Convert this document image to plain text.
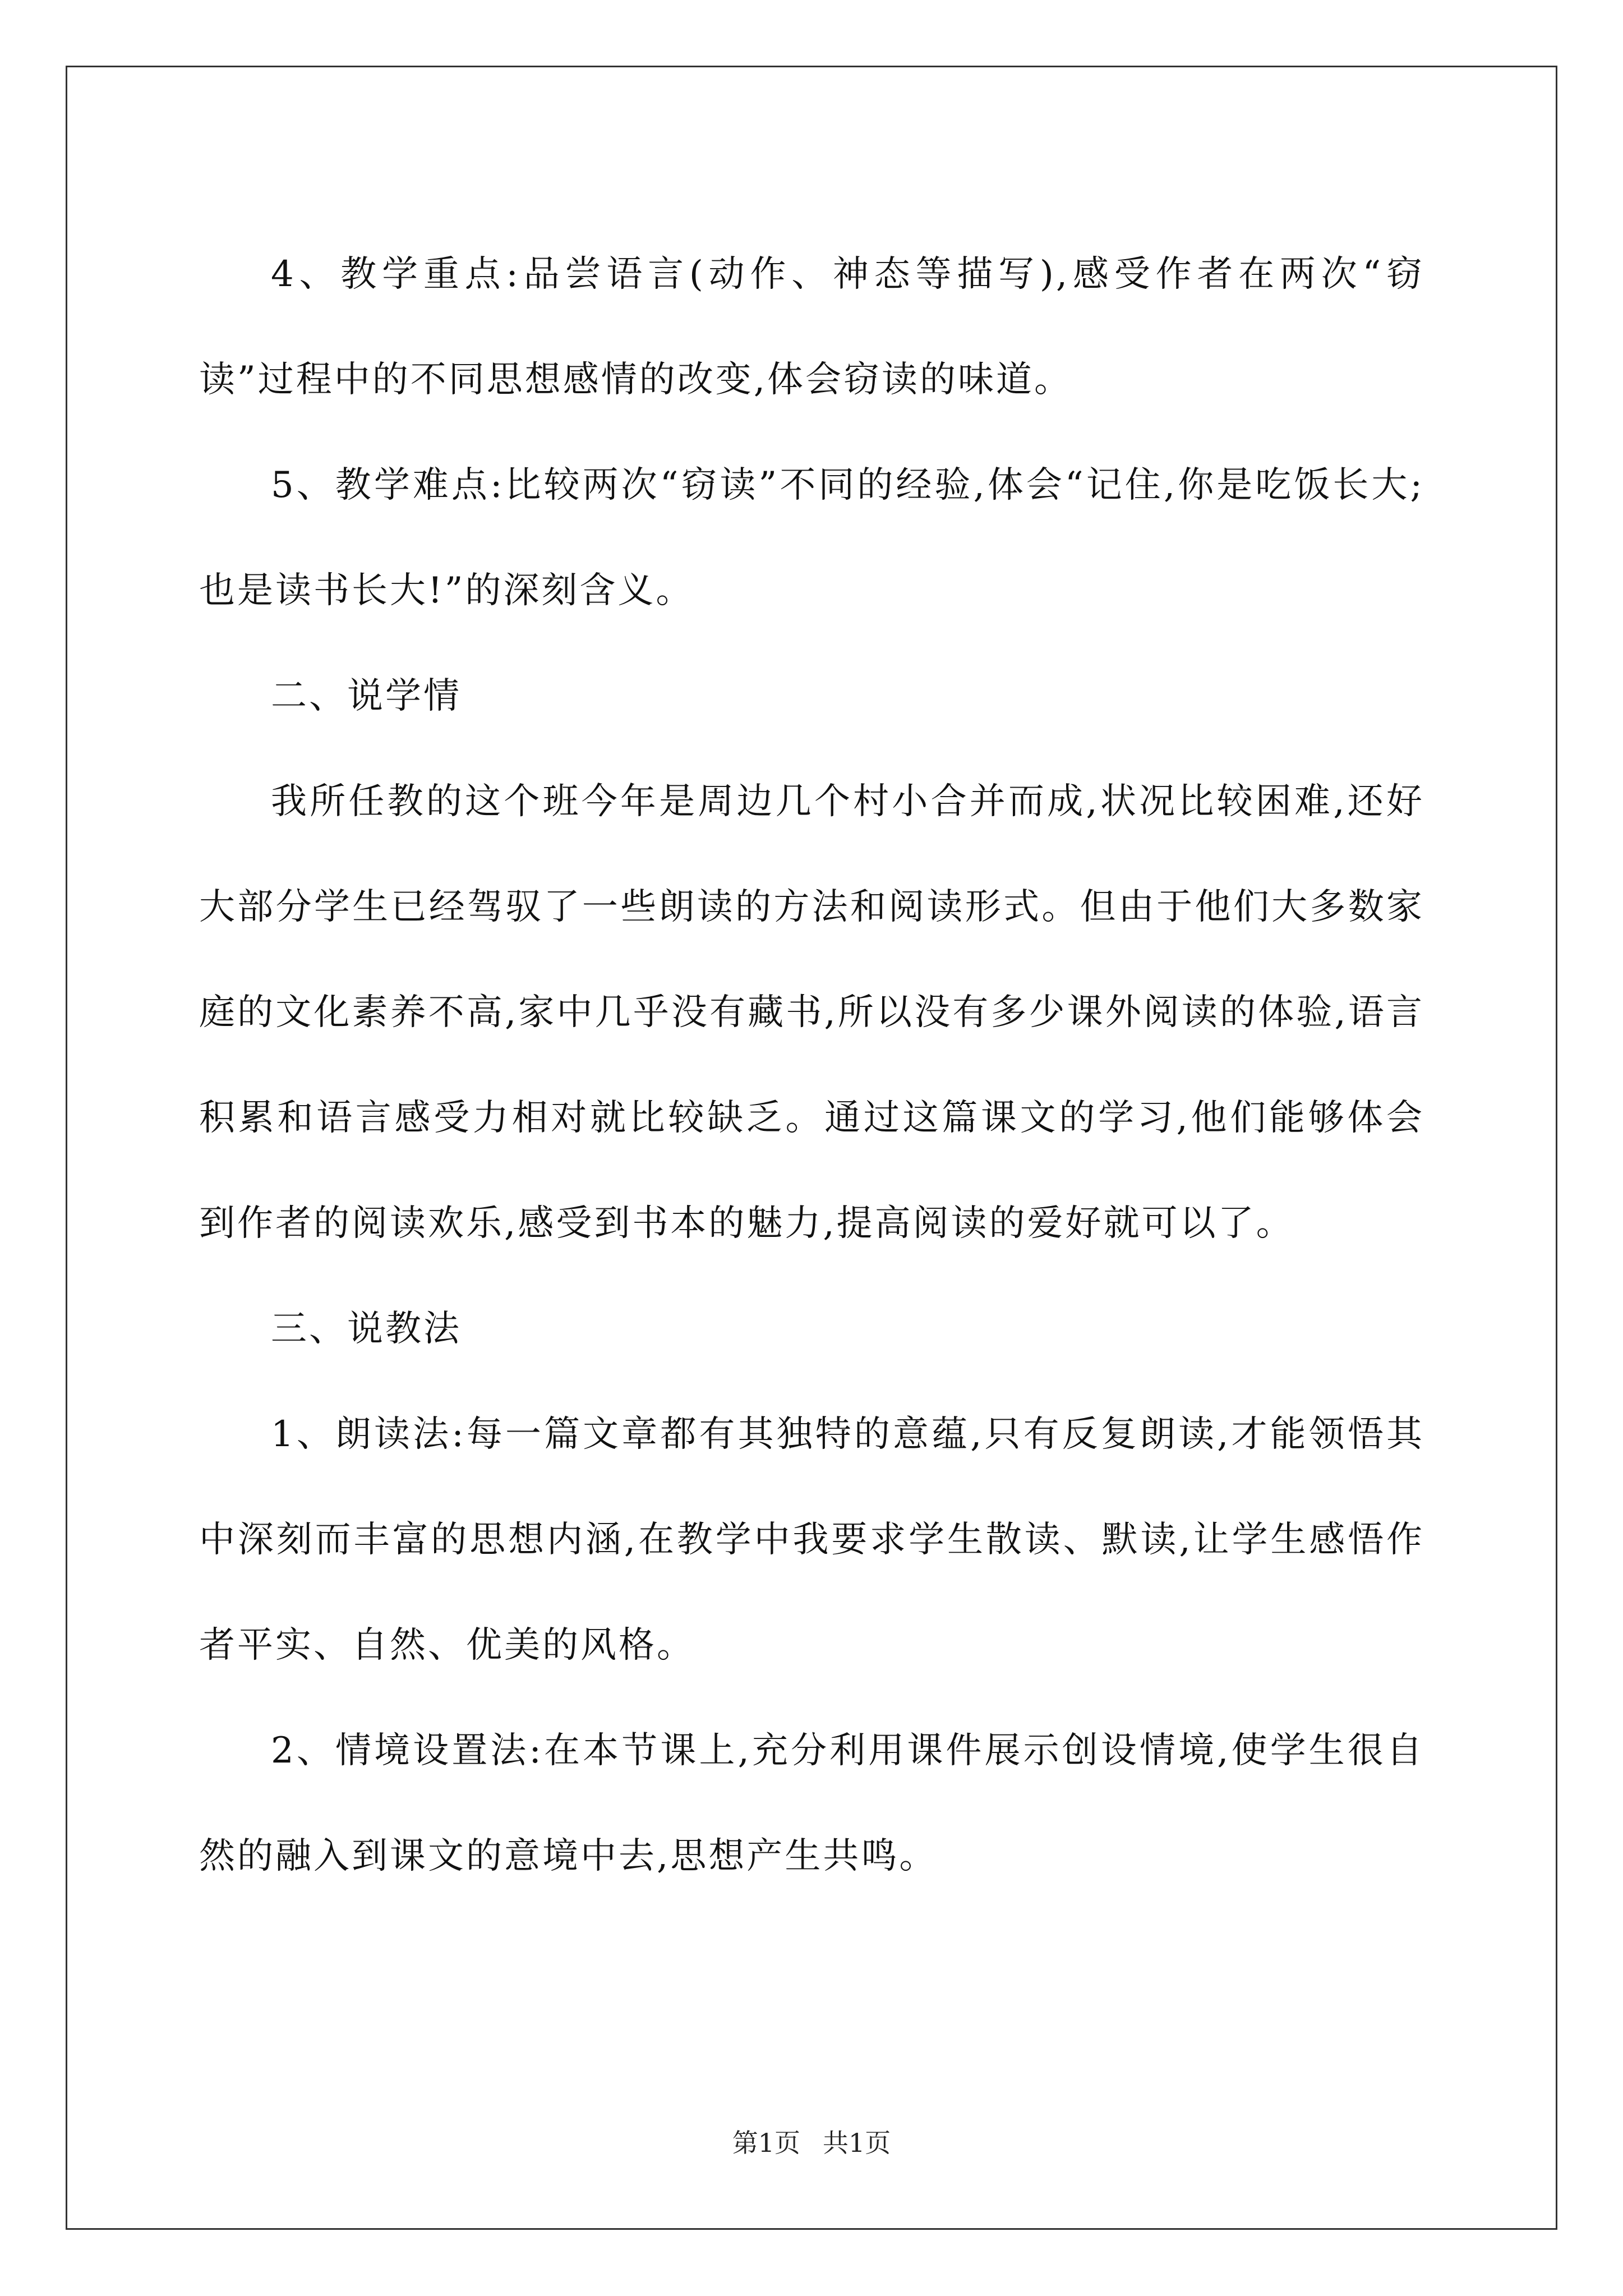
4、教学重点:品尝语言(动作、神态等描写),感受作者在两次“窃读”过程中的不同思想感情的改变,体会窃读的味道。

5、教学难点:比较两次“窃读”不同的经验,体会“记住,你是吃饭长大;也是读书长大!”的深刻含义。

二、说学情

我所任教的这个班今年是周边几个村小合并而成,状况比较困难,还好大部分学生已经驾驭了一些朗读的方法和阅读形式。但由于他们大多数家庭的文化素养不高,家中几乎没有藏书,所以没有多少课外阅读的体验,语言积累和语言感受力相对就比较缺乏。通过这篇课文的学习,他们能够体会到作者的阅读欢乐,感受到书本的魅力,提高阅读的爱好就可以了。

三、说教法

1、朗读法:每一篇文章都有其独特的意蕴,只有反复朗读,才能领悟其中深刻而丰富的思想内涵,在教学中我要求学生散读、默读,让学生感悟作者平实、自然、优美的风格。

2、情境设置法:在本节课上,充分利用课件展示创设情境,使学生很自然的融入到课文的意境中去,思想产生共鸣。

第1页 共1页
